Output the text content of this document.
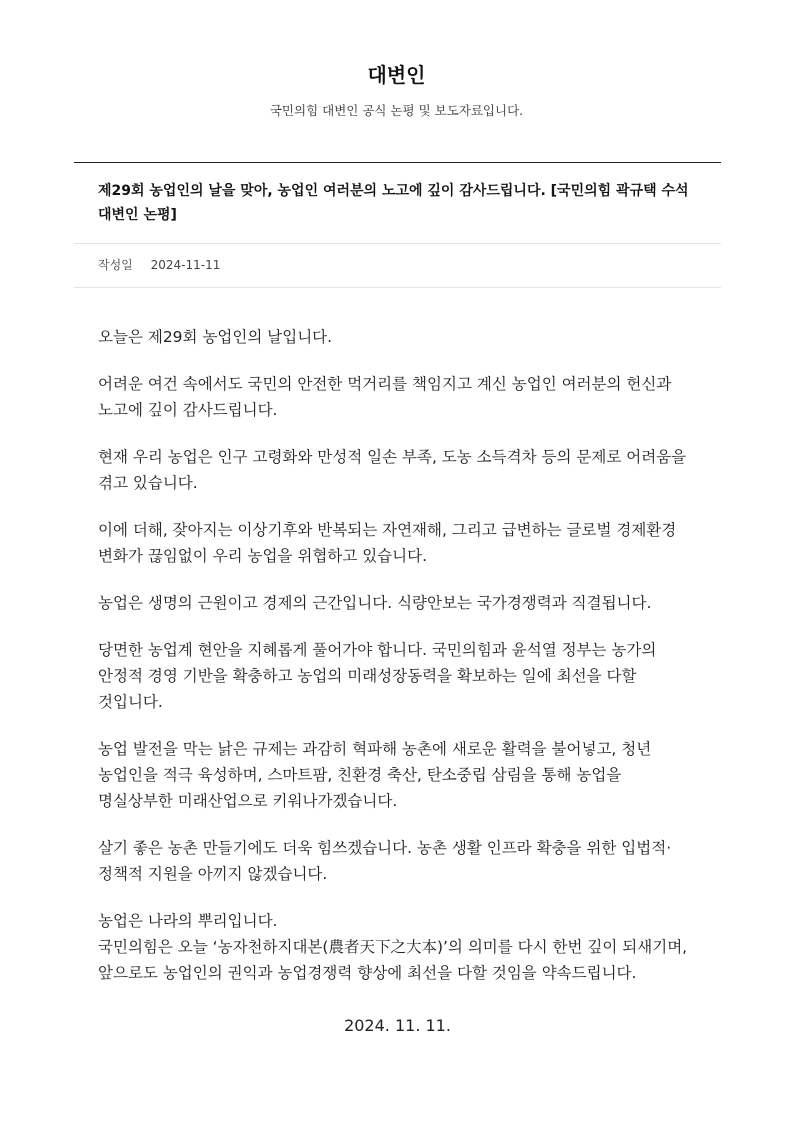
대변인
국민의힘 대변인 공식 논평 및 보도자료입니다.
제29회 농업인의 날을 맞아, 농업인 여러분의 노고에 깊이 감사드립니다. [국민의힘 곽규택 수석대변인 논평]
작성일 2024-11-11

오늘은 제29회 농업인의 날입니다.

어려운 여건 속에서도 국민의 안전한 먹거리를 책임지고 계신 농업인 여러분의 헌신과 노고에 깊이 감사드립니다.

현재 우리 농업은 인구 고령화와 만성적 일손 부족, 도농 소득격차 등의 문제로 어려움을 겪고 있습니다.

이에 더해, 잦아지는 이상기후와 반복되는 자연재해, 그리고 급변하는 글로벌 경제환경 변화가 끊임없이 우리 농업을 위협하고 있습니다.

농업은 생명의 근원이고 경제의 근간입니다. 식량안보는 국가경쟁력과 직결됩니다.

당면한 농업계 현안을 지혜롭게 풀어가야 합니다. 국민의힘과 윤석열 정부는 농가의 안정적 경영 기반을 확충하고 농업의 미래성장동력을 확보하는 일에 최선을 다할 것입니다.

농업 발전을 막는 낡은 규제는 과감히 혁파해 농촌에 새로운 활력을 불어넣고, 청년 농업인을 적극 육성하며, 스마트팜, 친환경 축산, 탄소중립 삼림을 통해 농업을 명실상부한 미래산업으로 키워나가겠습니다.

살기 좋은 농촌 만들기에도 더욱 힘쓰겠습니다. 농촌 생활 인프라 확충을 위한 입법적·정책적 지원을 아끼지 않겠습니다.

농업은 나라의 뿌리입니다.

국민의힘은 오늘 ‘농자천하지대본(農者天下之大本)’의 의미를 다시 한번 깊이 되새기며, 앞으로도 농업인의 권익과 농업경쟁력 향상에 최선을 다할 것임을 약속드립니다.

2024. 11. 11.
